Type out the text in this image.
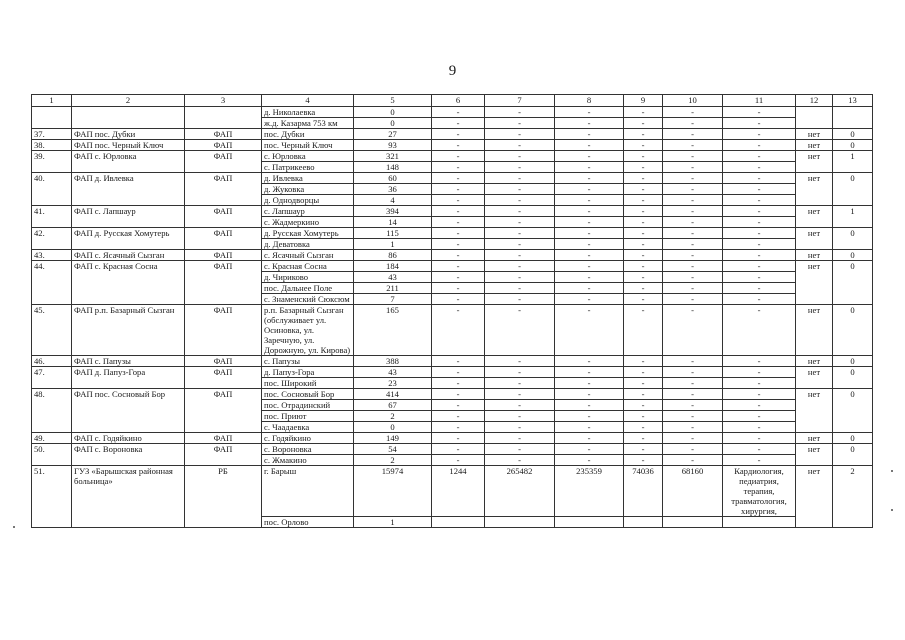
9
1	2	3	4	5	6	7	8	9	10	11	12	13
			д. Николаевка	0	-	-	-	-	-	-		
			ж.д. Казарма 753 км	0	-	-	-	-	-	-		
37.	ФАП пос. Дубки	ФАП	пос. Дубки	27	-	-	-	-	-	-	нет	0
38.	ФАП пос. Черный Ключ	ФАП	пос. Черный Ключ	93	-	-	-	-	-	-	нет	0
39.	ФАП с. Юрловка	ФАП	с. Юрловка	321	-	-	-	-	-	-	нет	1
			с. Патрикеево	148	-	-	-	-	-	-		
40.	ФАП д. Ивлевка	ФАП	д. Ивлевка	60	-	-	-	-	-	-	нет	0
			д. Жуковка	36	-	-	-	-	-	-		
			д. Однодворцы	4	-	-	-	-	-	-		
41.	ФАП с. Лапшаур	ФАП	с. Лапшаур	394	-	-	-	-	-	-	нет	1
			с. Жадмеркино	14	-	-	-	-	-	-		
42.	ФАП д. Русская Хомутерь	ФАП	д. Русская Хомутерь	115	-	-	-	-	-	-	нет	0
			д. Деватовка	1	-	-	-	-	-	-		
43.	ФАП с. Ясачный Сызган	ФАП	с. Ясачный Сызган	86	-	-	-	-	-	-	нет	0
44.	ФАП с. Красная Сосна	ФАП	с. Красная Сосна	184	-	-	-	-	-	-	нет	0
			д. Чириково	43	-	-	-	-	-	-		
			пос. Дальнее Поле	211	-	-	-	-	-	-		
			с. Знаменский Сюксюм	7	-	-	-	-	-	-		
45.	ФАП р.п. Базарный Сызган	ФАП	р.п. Базарный Сызган (обслуживает ул. Осиновка, ул. Заречную, ул. Дорожную, ул. Кирова)	165	-	-	-	-	-	-	нет	0
46.	ФАП с. Папузы	ФАП	с. Папузы	388	-	-	-	-	-	-	нет	0
47.	ФАП д. Папуз-Гора	ФАП	д. Папуз-Гора	43	-	-	-	-	-	-	нет	0
			пос. Широкий	23	-	-	-	-	-	-		
48.	ФАП пос. Сосновый Бор	ФАП	пос. Сосновый Бор	414	-	-	-	-	-	-	нет	0
			пос. Отрадинский	67	-	-	-	-	-	-		
			пос. Приют	2	-	-	-	-	-	-		
			с. Чаадаевка	0	-	-	-	-	-	-		
49.	ФАП с. Годяйкино	ФАП	с. Годяйкино	149	-	-	-	-	-	-	нет	0
50.	ФАП с. Вороновка	ФАП	с. Вороновка	54	-	-	-	-	-	-	нет	0
			с. Жмакино	2	-	-	-	-	-	-		
51.	ГУЗ «Барышская районная больница»	РБ	г. Барыш	15974	1244	265482	235359	74036	68160	Кардиология, педиатрия, терапия, травматология, хирургия,	нет	2
			пос. Орлово	1								
